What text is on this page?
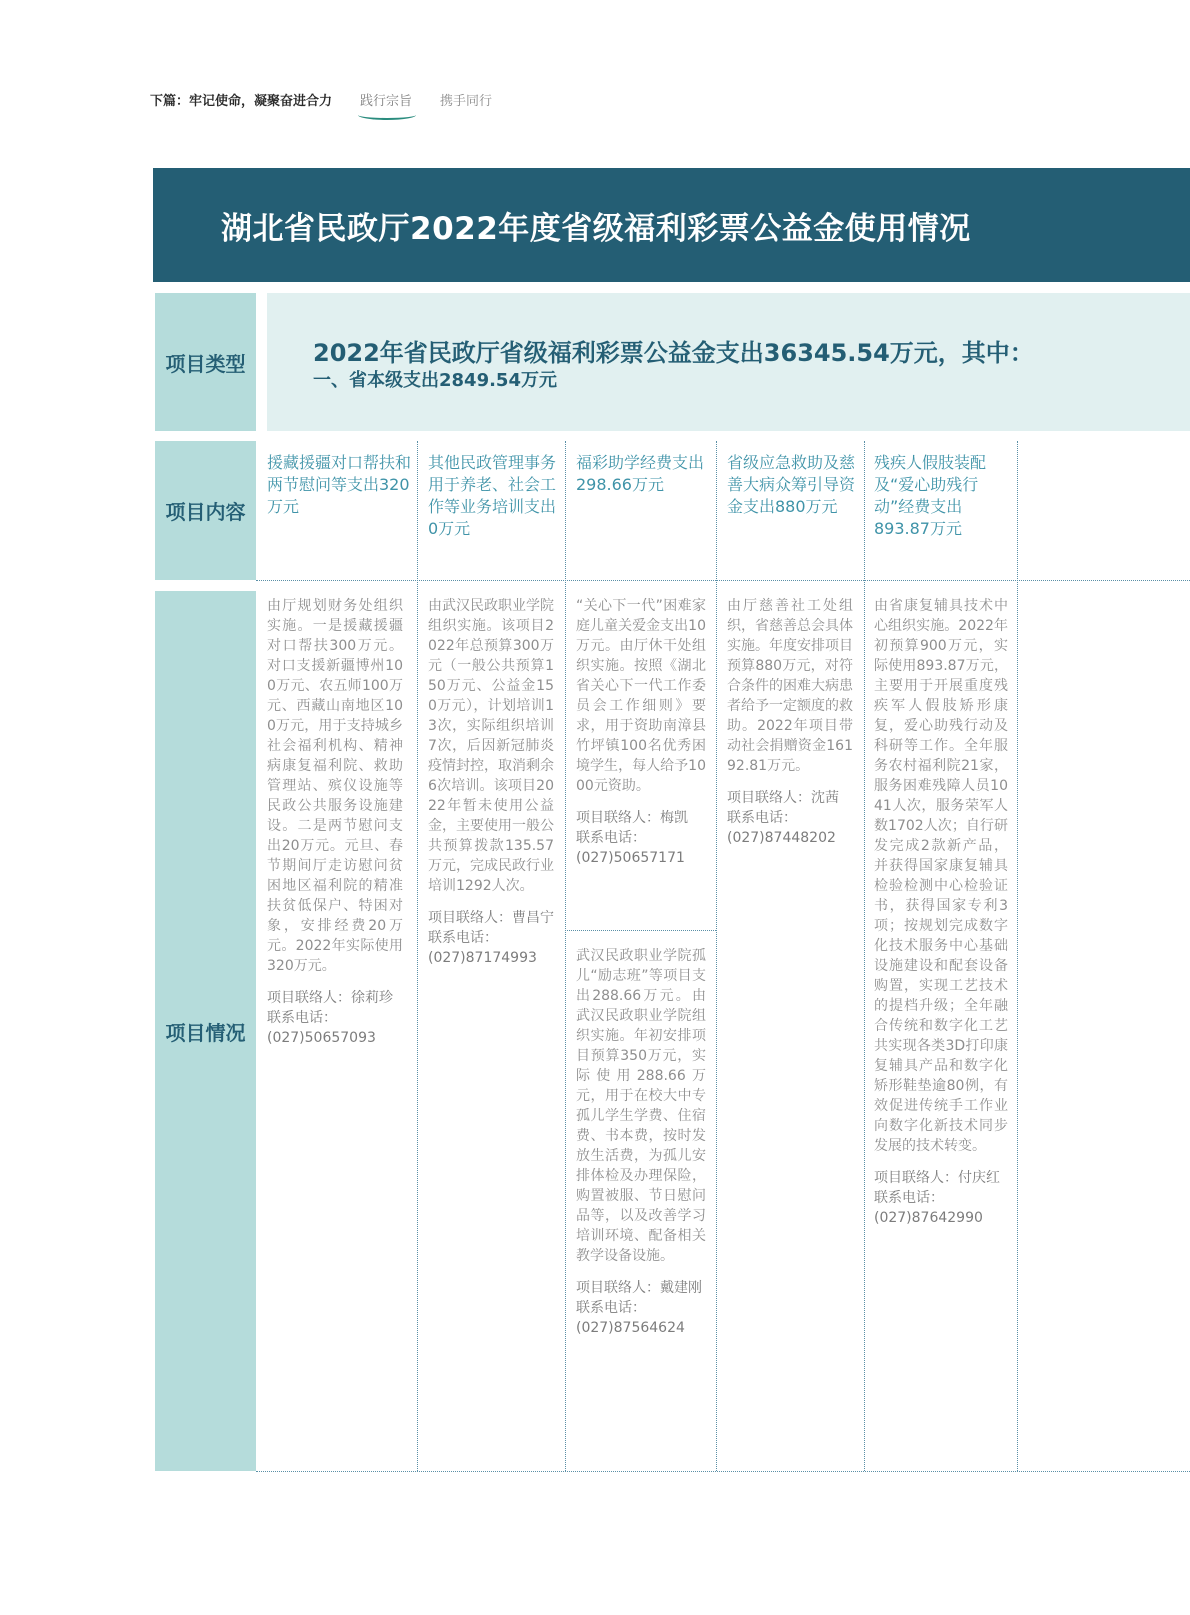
下篇：牢记使命，凝聚奋进合力 践行宗旨 携手同行
湖北省民政厅2022年度省级福利彩票公益金使用情况
项目类型
项目内容
项目情况
2022年省民政厅省级福利彩票公益金支出36345.54万元，其中：
一、省本级支出2849.54万元
援藏援疆对口帮扶和两节慰问等支出320万元
其他民政管理事务用于养老、社会工作等业务培训支出0万元
福彩助学经费支出298.66万元
省级应急救助及慈善大病众筹引导资金支出880万元
残疾人假肢装配及“爱心助残行动”经费支出893.87万元
由厅规划财务处组织实施。一是援藏援疆对口帮扶300万元。对口支援新疆博州100万元、农五师100万元、西藏山南地区100万元，用于支持城乡社会福利机构、精神病康复福利院、救助管理站、殡仪设施等民政公共服务设施建设。二是两节慰问支出20万元。元旦、春节期间厅走访慰问贫困地区福利院的精准扶贫低保户、特困对象，安排经费20万元。2022年实际使用320万元。
项目联络人：徐莉珍
联系电话：
(027)50657093
由武汉民政职业学院组织实施。该项目2022年总预算300万元（一般公共预算150万元、公益金150万元），计划培训13次，实际组织培训7次，后因新冠肺炎疫情封控，取消剩余6次培训。该项目2022年暂未使用公益金，主要使用一般公共预算拨款135.57万元，完成民政行业培训1292人次。
项目联络人：曹昌宁
联系电话：
(027)87174993
“关心下一代”困难家庭儿童关爱金支出10万元。由厅休干处组织实施。按照《湖北省关心下一代工作委员会工作细则》要求，用于资助南漳县竹坪镇100名优秀困境学生，每人给予1000元资助。
项目联络人：梅凯
联系电话：
(027)50657171
武汉民政职业学院孤儿“励志班”等项目支出288.66万元。由武汉民政职业学院组织实施。年初安排项目预算350万元，实际使用288.66万元，用于在校大中专孤儿学生学费、住宿费、书本费，按时发放生活费，为孤儿安排体检及办理保险，购置被服、节日慰问品等，以及改善学习培训环境、配备相关教学设备设施。
项目联络人：戴建刚
联系电话：
(027)87564624
由厅慈善社工处组织，省慈善总会具体实施。年度安排项目预算880万元，对符合条件的困难大病患者给予一定额度的救助。2022年项目带动社会捐赠资金16192.81万元。
项目联络人：沈茜
联系电话：
(027)87448202
由省康复辅具技术中心组织实施。2022年初预算900万元，实际使用893.87万元，主要用于开展重度残疾军人假肢矫形康复，爱心助残行动及科研等工作。全年服务农村福利院21家，服务困难残障人员1041人次，服务荣军人数1702人次；自行研发完成2款新产品，并获得国家康复辅具检验检测中心检验证书，获得国家专利3项；按规划完成数字化技术服务中心基础设施建设和配套设备购置，实现工艺技术的提档升级；全年融合传统和数字化工艺共实现各类3D打印康复辅具产品和数字化矫形鞋垫逾80例，有效促进传统手工作业向数字化新技术同步发展的技术转变。
项目联络人：付庆红
联系电话：
(027)87642990
